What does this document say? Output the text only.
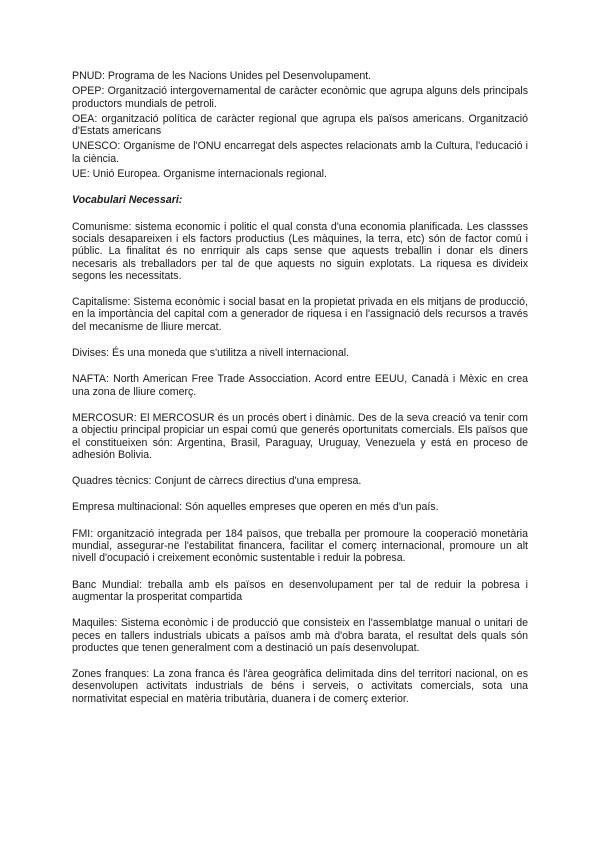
PNUD: Programa de les Nacions Unides pel Desenvolupament.

OPEP: Organització intergovernamental de caràcter econòmic que agrupa alguns dels principals productors mundials de petroli.

OEA: organització política de caràcter regional que agrupa els països americans. Organització d'Estats americans

UNESCO: Organisme de l'ONU encarregat dels aspectes relacionats amb la Cultura, l'educació i la ciència.

UE: Unió Europea. Organisme internacionals regional.

Vocabulari Necessari:

Comunisme: sistema economic i politic el qual consta d'una economia planificada. Les classses socials desapareixen i els factors productius (Les màquines, la terra, etc) són de factor comú i públic. La finalitat és no enrriquir als caps sense que aquests treballin i donar els diners necesaris als treballadors per tal de que aquests no siguin explotats. La riquesa es divideix segons les necessitats.

Capitalisme: Sistema econòmic i social basat en la propietat privada en els mitjans de producció, en la importància del capital com a generador de riquesa i en l'assignació dels recursos a través del mecanisme de lliure mercat.

Divises: És una moneda que s'utilitza a nivell internacional.

NAFTA: North American Free Trade Assocciation. Acord entre EEUU, Canadà i Mèxic en crea una zona de lliure comerç.

MERCOSUR: El MERCOSUR és un procés obert i dinàmic. Des de la seva creació va tenir com a objectiu principal propiciar un espai comú que generés oportunitats comercials. Els països que el constitueixen són: Argentina, Brasil, Paraguay, Uruguay, Venezuela y está en proceso de adhesión Bolivia.

Quadres tècnics: Conjunt de càrrecs directius d'una empresa.

Empresa multinacional: Són aquelles empreses que operen en més d'un país.

FMI: organització integrada per 184 països, que treballa per promoure la cooperació monetària mundial, assegurar-ne l'estabilitat financera, facilitar el comerç internacional, promoure un alt nivell d'ocupació i creixement econòmic sustentable i reduir la pobresa.

Banc Mundial: treballa amb els països en desenvolupament per tal de reduir la pobresa i augmentar la prosperitat compartida

Maquiles: Sistema econòmic i de producció que consisteix en l'assemblatge manual o unitari de peces en tallers industrials ubicats a països amb mà d'obra barata, el resultat dels quals són productes que tenen generalment com a destinació un país desenvolupat.

Zones franques: La zona franca és l'àrea geogràfica delimitada dins del territori nacional, on es desenvolupen activitats industrials de béns i serveis, o activitats comercials, sota una normativitat especial en matèria tributària, duanera i de comerç exterior.
